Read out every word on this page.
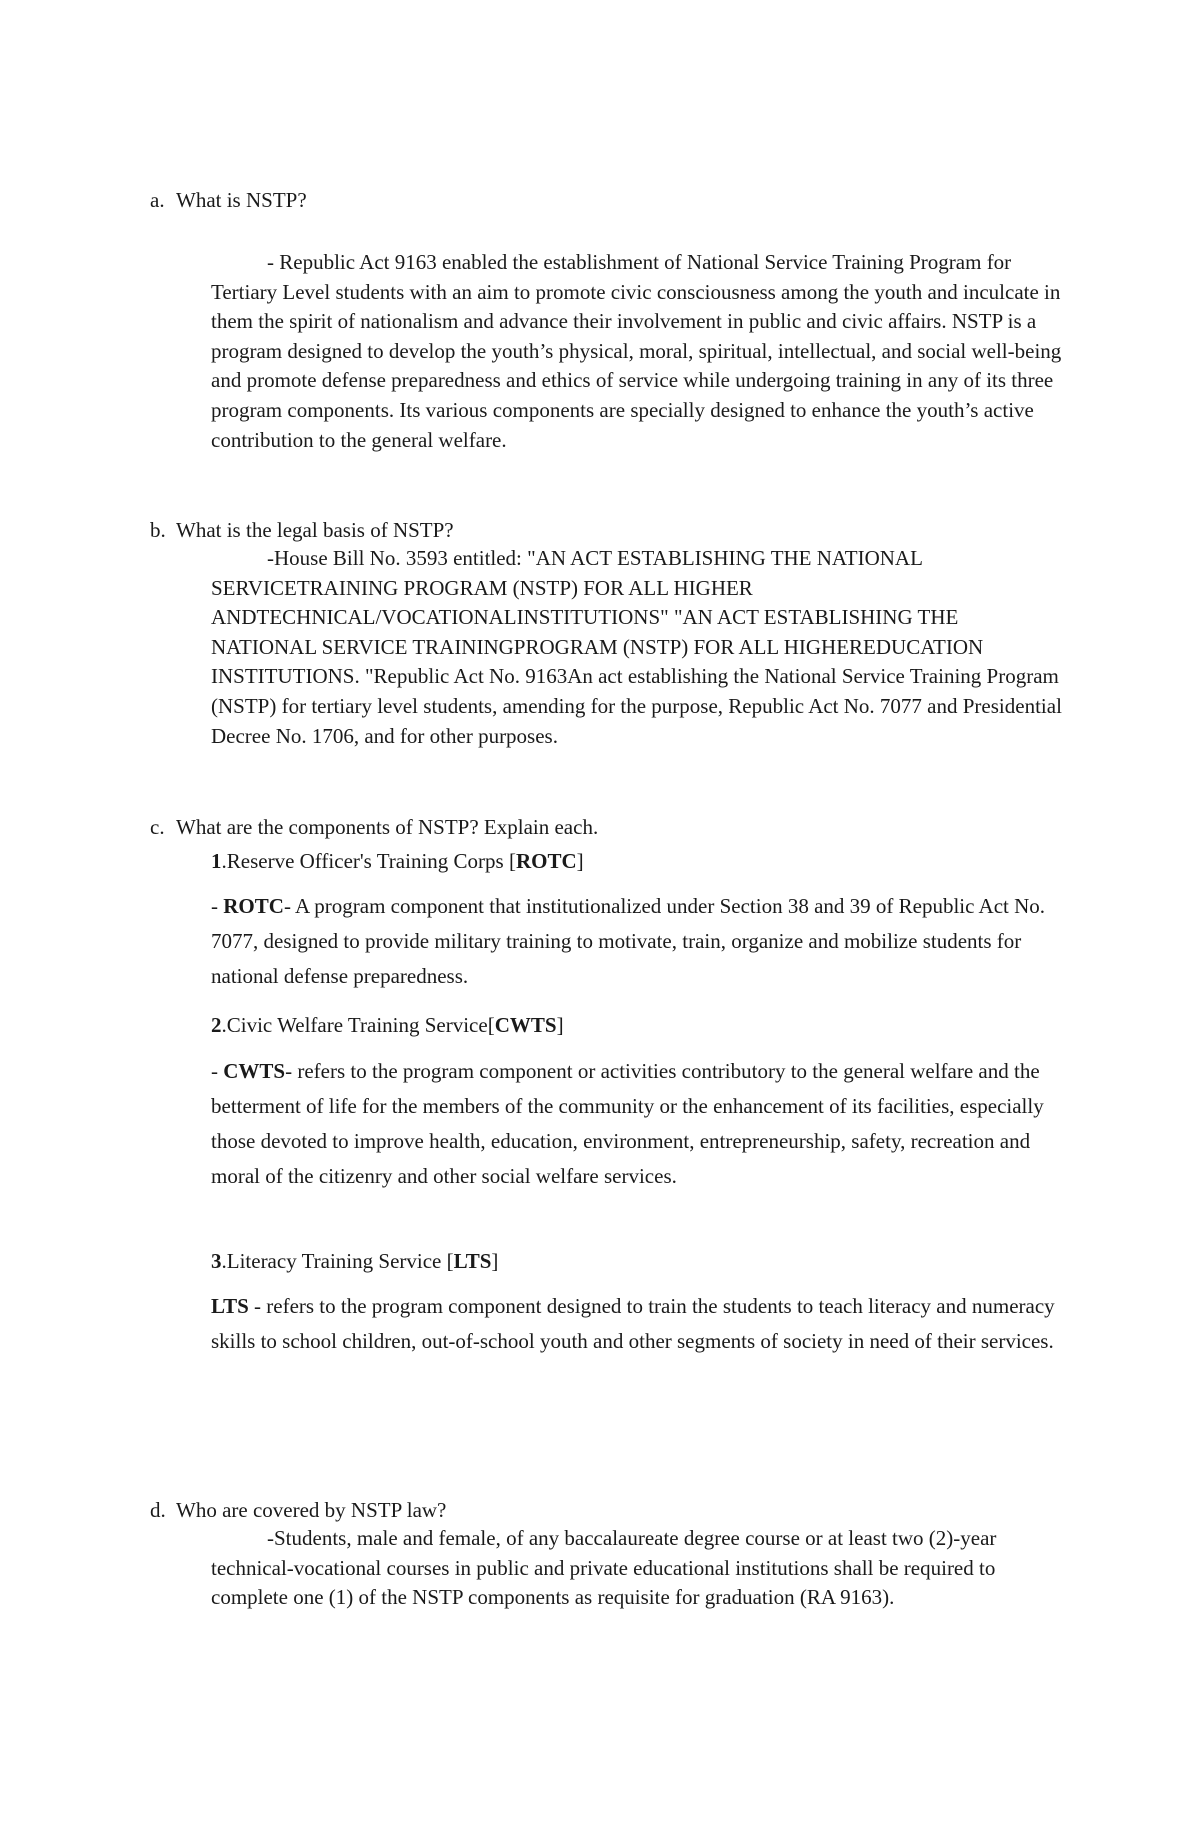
a. What is NSTP?

- Republic Act 9163 enabled the establishment of National Service Training Program for Tertiary Level students with an aim to promote civic consciousness among the youth and inculcate in them the spirit of nationalism and advance their involvement in public and civic affairs. NSTP is a program designed to develop the youth’s physical, moral, spiritual, intellectual, and social well-being and promote defense preparedness and ethics of service while undergoing training in any of its three program components. Its various components are specially designed to enhance the youth’s active contribution to the general welfare.

b. What is the legal basis of NSTP?

-House Bill No. 3593 entitled: "AN ACT ESTABLISHING THE NATIONAL SERVICETRAINING PROGRAM (NSTP) FOR ALL HIGHER ANDTECHNICAL/VOCATIONALINSTITUTIONS" "AN ACT ESTABLISHING THE NATIONAL SERVICE TRAININGPROGRAM (NSTP) FOR ALL HIGHEREDUCATION INSTITUTIONS. "Republic Act No. 9163An act establishing the National Service Training Program (NSTP) for tertiary level students, amending for the purpose, Republic Act No. 7077 and Presidential Decree No. 1706, and for other purposes.

c. What are the components of NSTP? Explain each.
1.Reserve Officer's Training Corps [ROTC]

- ROTC- A program component that institutionalized under Section 38 and 39 of Republic Act No. 7077, designed to provide military training to motivate, train, organize and mobilize students for national defense preparedness.

2.Civic Welfare Training Service[CWTS]

- CWTS- refers to the program component or activities contributory to the general welfare and the betterment of life for the members of the community or the enhancement of its facilities, especially those devoted to improve health, education, environment, entrepreneurship, safety, recreation and moral of the citizenry and other social welfare services.

3.Literacy Training Service [LTS]

LTS - refers to the program component designed to train the students to teach literacy and numeracy skills to school children, out-of-school youth and other segments of society in need of their services.

d. Who are covered by NSTP law?

-Students, male and female, of any baccalaureate degree course or at least two (2)-year technical-vocational courses in public and private educational institutions shall be required to complete one (1) of the NSTP components as requisite for graduation (RA 9163).
